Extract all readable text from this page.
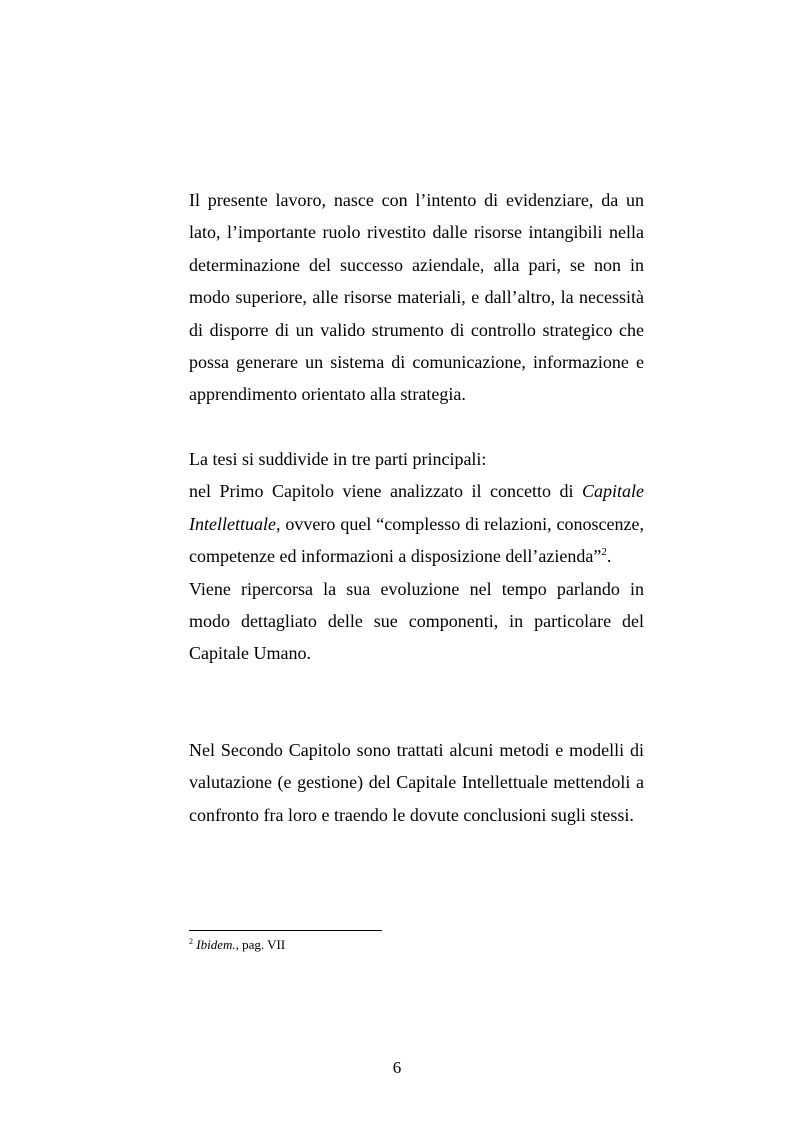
Il presente lavoro, nasce con l’intento di evidenziare, da un lato, l’importante ruolo rivestito dalle risorse intangibili nella determinazione del successo aziendale, alla pari, se non in modo superiore, alle risorse materiali, e dall’altro, la necessità di disporre di un valido strumento di controllo strategico che possa generare un sistema di comunicazione, informazione e apprendimento orientato alla strategia.

La tesi si suddivide in tre parti principali:

nel Primo Capitolo viene analizzato il concetto di Capitale Intellettuale, ovvero quel “complesso di relazioni, conoscenze, competenze ed informazioni a disposizione dell’azienda”$^2$.

Viene ripercorsa la sua evoluzione nel tempo parlando in modo dettagliato delle sue componenti, in particolare del Capitale Umano.

Nel Secondo Capitolo sono trattati alcuni metodi e modelli di valutazione (e gestione) del Capitale Intellettuale mettendoli a confronto fra loro e traendo le dovute conclusioni sugli stessi.

$^2$ Ibidem., pag. VII
6
